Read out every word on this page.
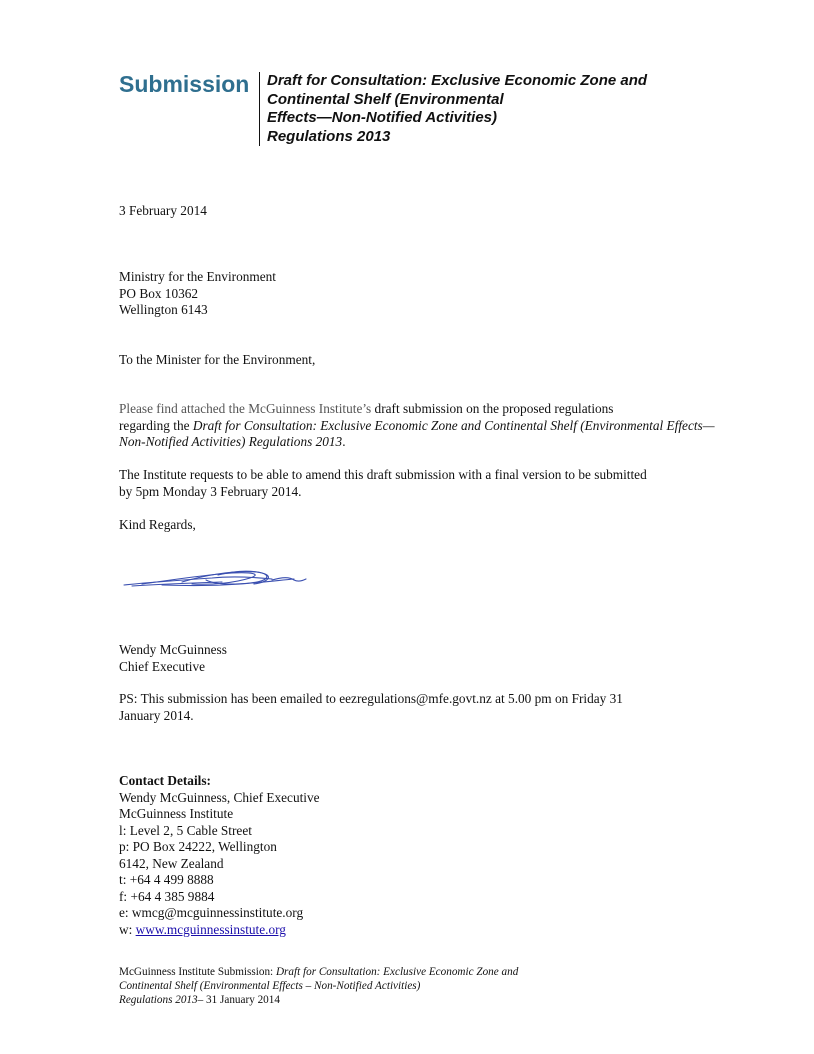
Submission Draft for Consultation: Exclusive Economic Zone and
Continental Shelf (Environmental
Effects—Non-Notified Activities)
Regulations 2013
3 February 2014
Ministry for the Environment
PO Box 10362
Wellington 6143
To the Minister for the Environment,
Please find attached the McGuinness Institute’s draft submission on the proposed regulations
regarding the Draft for Consultation: Exclusive Economic Zone and Continental Shelf (Environmental Effects—
Non-Notified Activities) Regulations 2013.
The Institute requests to be able to amend this draft submission with a final version to be submitted
by 5pm Monday 3 February 2014.
Kind Regards,
Wendy McGuinness
Chief Executive
PS: This submission has been emailed to eezregulations@mfe.govt.nz at 5.00 pm on Friday 31
January 2014.
Contact Details:
Wendy McGuinness, Chief Executive
McGuinness Institute
l: Level 2, 5 Cable Street
p: PO Box 24222, Wellington
6142, New Zealand
t: +64 4 499 8888
f: +64 4 385 9884
e: wmcg@mcguinnessinstitute.org
w: www.mcguinnessinstute.org
McGuinness Institute Submission: Draft for Consultation: Exclusive Economic Zone and
Continental Shelf (Environmental Effects – Non-Notified Activities)
Regulations 2013– 31 January 2014
